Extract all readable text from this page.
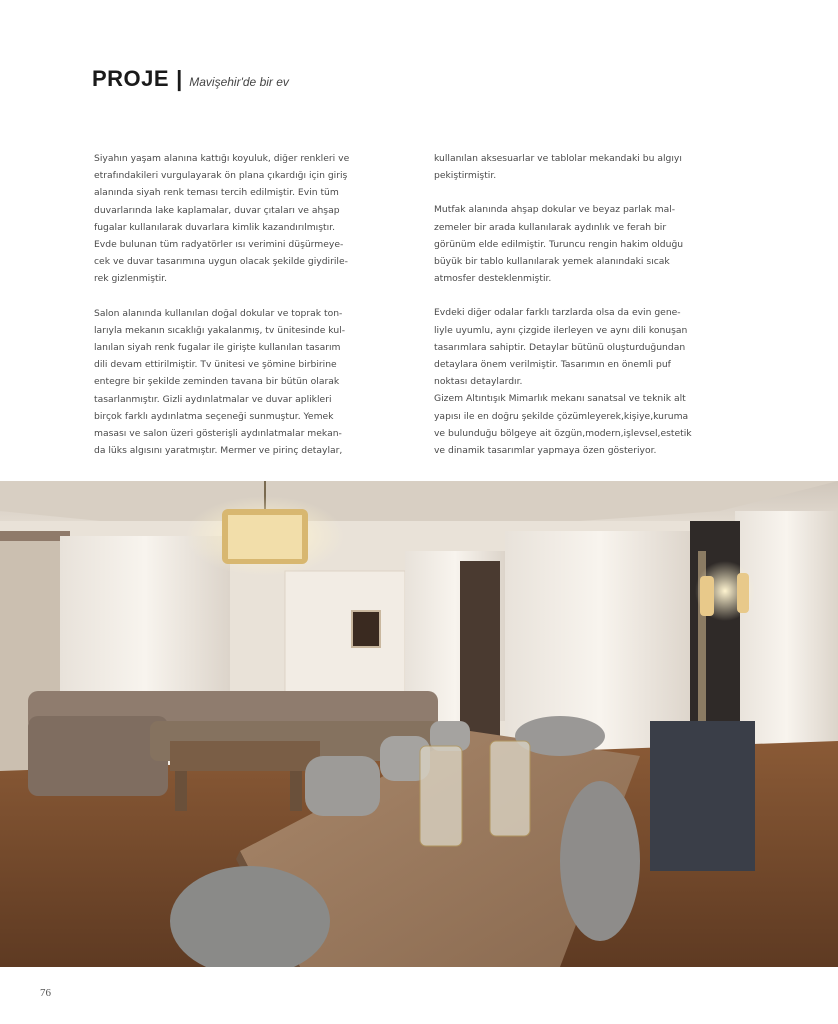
PROJE | Mavişehir'de bir ev

Siyahın yaşam alanına kattığı koyuluk, diğer renkleri ve
etrafındakileri vurgulayarak ön plana çıkardığı için giriş
alanında siyah renk teması tercih edilmiştir. Evin tüm
duvarlarında lake kaplamalar, duvar çıtaları ve ahşap
fugalar kullanılarak duvarlara kimlik kazandırılmıştır.
Evde bulunan tüm radyatörler ısı verimini düşürmeye-
cek ve duvar tasarımına uygun olacak şekilde giydirile-
rek gizlenmiştir.

Salon alanında kullanılan doğal dokular ve toprak ton-
larıyla mekanın sıcaklığı yakalanmış, tv ünitesinde kul-
lanılan siyah renk fugalar ile girişte kullanılan tasarım
dili devam ettirilmiştir. Tv ünitesi ve şömine birbirine
entegre bir şekilde zeminden tavana bir bütün olarak
tasarlanmıştır. Gizli aydınlatmalar ve duvar aplikleri
birçok farklı aydınlatma seçeneği sunmuştur. Yemek
masası ve salon üzeri gösterişli aydınlatmalar mekan-
da lüks algısını yaratmıştır. Mermer ve pirinç detaylar,

kullanılan aksesuarlar ve tablolar mekandaki bu algıyı
pekiştirmiştir.

Mutfak alanında ahşap dokular ve beyaz parlak mal-
zemeler bir arada kullanılarak aydınlık ve ferah bir
görünüm elde edilmiştir. Turuncu rengin hakim olduğu
büyük bir tablo kullanılarak yemek alanındaki sıcak
atmosfer desteklenmiştir.

Evdeki diğer odalar farklı tarzlarda olsa da evin gene-
liyle uyumlu, aynı çizgide ilerleyen ve aynı dili konuşan
tasarımlara sahiptir. Detaylar bütünü oluşturduğundan
detaylara önem verilmiştir. Tasarımın en önemli puf
noktası detaylardır.

Gizem Altıntışık Mimarlık mekanı sanatsal ve teknik alt
yapısı ile en doğru şekilde çözümleyerek,kişiye,kuruma
ve bulunduğu bölgeye ait özgün,modern,işlevsel,estetik
ve dinamik tasarımlar yapmaya özen gösteriyor.

76
